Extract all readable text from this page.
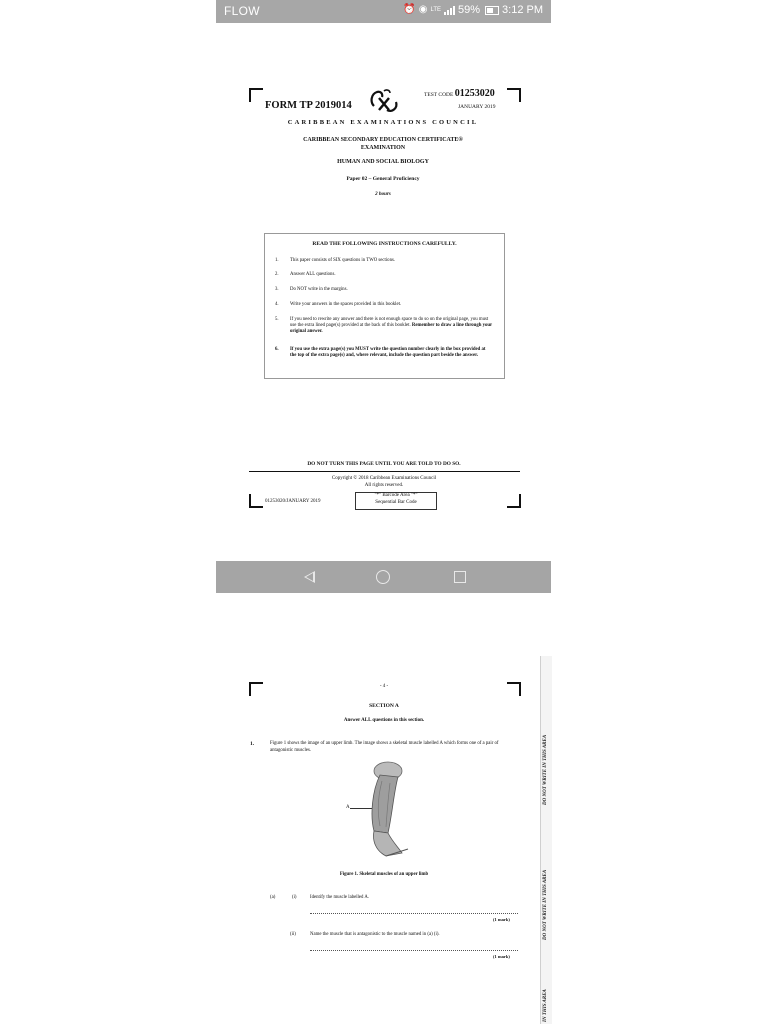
FLOW	⏰ ◉ LTE 59% 3:12 PM
FORM TP 2019014
TEST CODE 01253020
JANUARY 2019
CARIBBEAN EXAMINATIONS COUNCIL
CARIBBEAN SECONDARY EDUCATION CERTIFICATE®
EXAMINATION
HUMAN AND SOCIAL BIOLOGY
Paper 02 – General Proficiency
2 hours
READ THE FOLLOWING INSTRUCTIONS CAREFULLY.
1.	This paper consists of SIX questions in TWO sections.
2.	Answer ALL questions.
3.	Do NOT write in the margins.
4.	Write your answers in the spaces provided in this booklet.
5.	If you need to rewrite any answer and there is not enough space to do so on the original page, you must use the extra lined page(s) provided at the back of this booklet. Remember to draw a line through your original answer.
6.	If you use the extra page(s) you MUST write the question number clearly in the box provided at the top of the extra page(s) and, where relevant, include the question part beside the answer.
DO NOT TURN THIS PAGE UNTIL YOU ARE TOLD TO DO SO.
Copyright © 2018 Caribbean Examinations Council
All rights reserved.
01253020/JANUARY 2019
"*" Barcode Area "*"
Sequential Bar Code
DO NOT WRITE IN THIS AREA
DO NOT WRITE IN THIS AREA
IN THIS AREA
- 4 -
SECTION A
Answer ALL questions in this section.
1.	Figure 1 shows the image of an upper limb. The image shows a skeletal muscle labelled A which forms one of a pair of antagonistic muscles.
A
Figure 1. Skeletal muscles of an upper limb
(a)	(i)	Identify the muscle labelled A.
(1 mark)
(ii)	Name the muscle that is antagonistic to the muscle named in (a) (i).
(1 mark)
